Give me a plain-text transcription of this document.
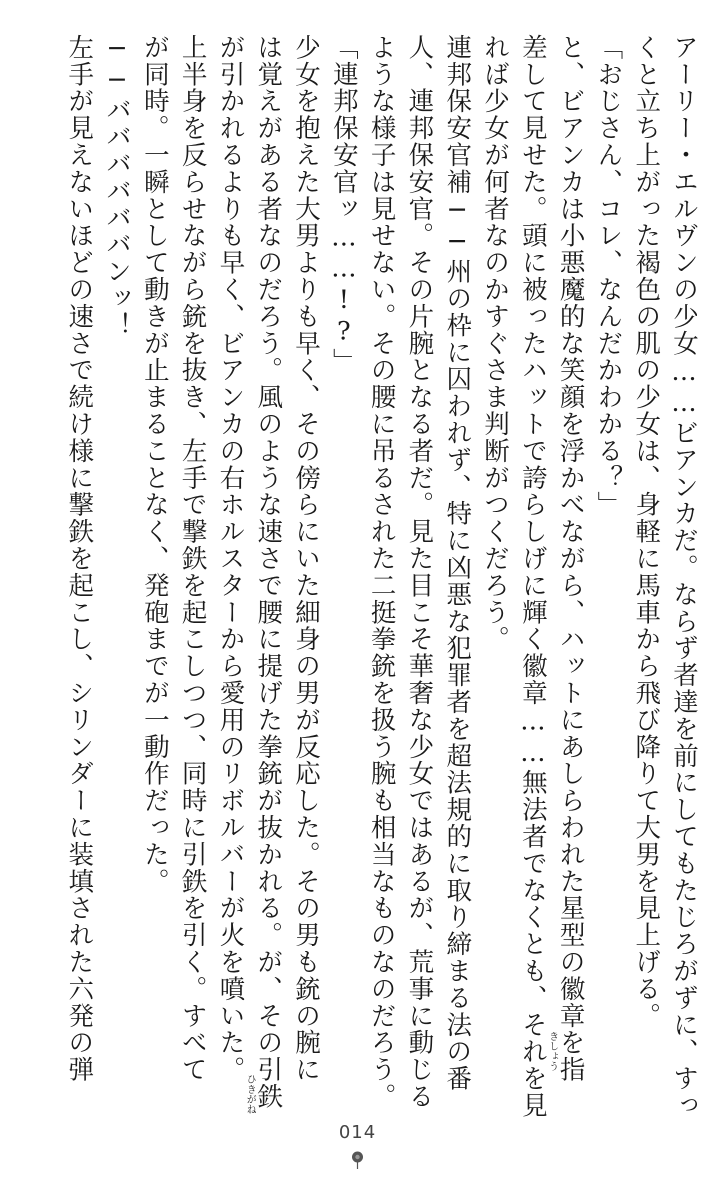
アーリー・エルヴンの少女……ビアンカだ。ならず者達を前にしてもたじろがずに、すっ
くと立ち上がった褐色の肌の少女は、身軽に馬車から飛び降りて大男を見上げる。
「おじさん、コレ、なんだかわかる？」
と、ビアンカは小悪魔的な笑顔を浮かべながら、ハットにあしらわれた星型の徽章を指
きしょう
差して見せた。頭に被ったハットで誇らしげに輝く徽章……無法者でなくとも、それを見
れば少女が何者なのかすぐさま判断がつくだろう。
連邦保安官補──州の枠に囚われず、特に凶悪な犯罪者を超法規的に取り締まる法の番
人、連邦保安官。その片腕となる者だ。見た目こそ華奢な少女ではあるが、荒事に動じる
ような様子は見せない。その腰に吊るされた二挺拳銃を扱う腕も相当なものなのだろう。
「連邦保安官ッ……!?」
少女を抱えた大男よりも早く、その傍らにいた細身の男が反応した。その男も銃の腕に
は覚えがある者なのだろう。風のような速さで腰に提げた拳銃が抜かれる。が、その引鉄
ひきがね
が引かれるよりも早く、ビアンカの右ホルスターから愛用のリボルバーが火を噴いた。
上半身を反らせながら銃を抜き、左手で撃鉄を起こしつつ、同時に引鉄を引く。すべて
が同時。一瞬として動きが止まることなく、発砲までが一動作だった。
──ババババババンッ！
左手が見えないほどの速さで続け様に撃鉄を起こし、シリンダーに装填された六発の弾
014
